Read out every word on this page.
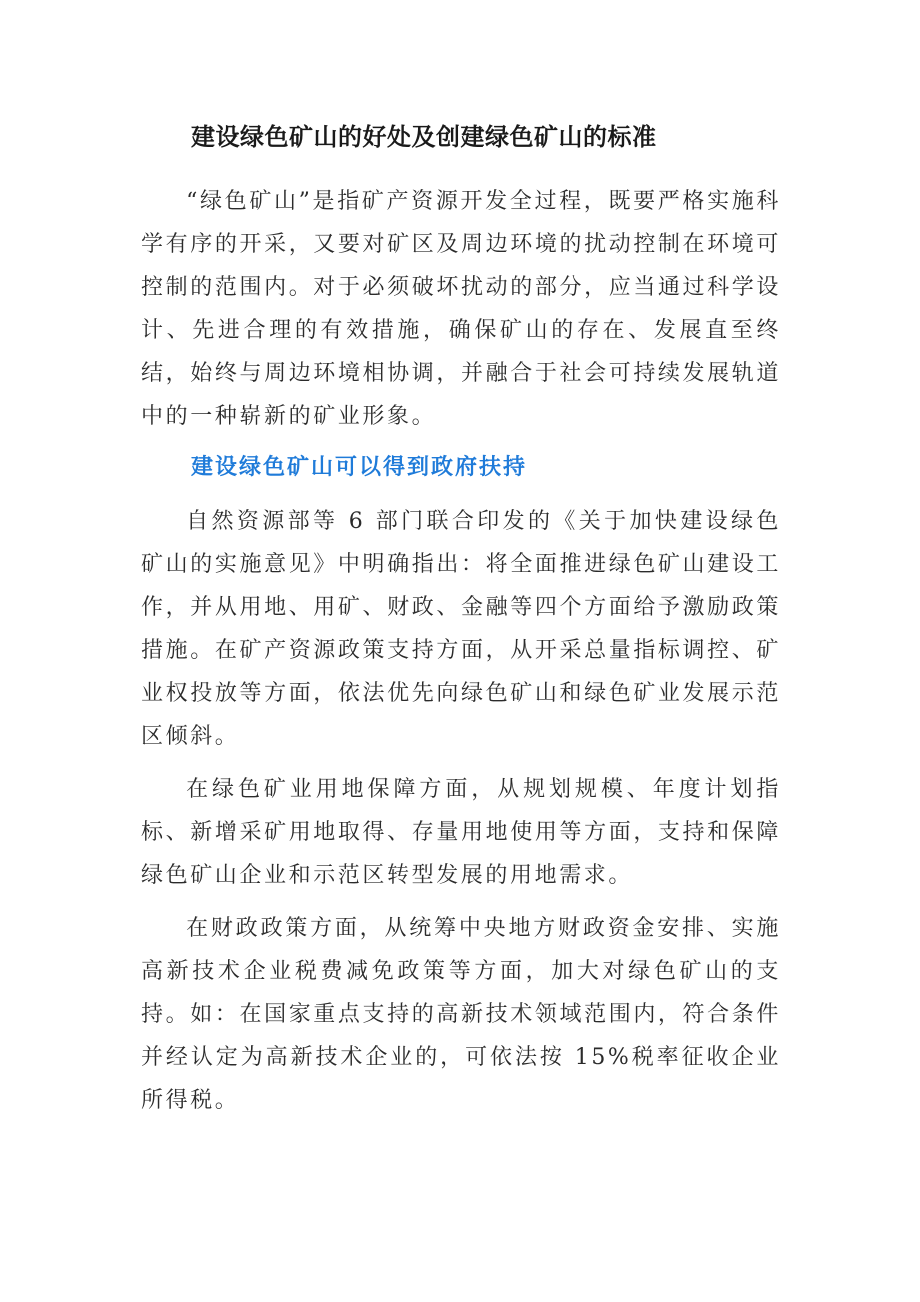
建设绿色矿山的好处及创建绿色矿山的标准

“绿色矿山”是指矿产资源开发全过程，既要严格实施科学有序的开采，又要对矿区及周边环境的扰动控制在环境可控制的范围内。对于必须破坏扰动的部分，应当通过科学设计、先进合理的有效措施，确保矿山的存在、发展直至终结，始终与周边环境相协调，并融合于社会可持续发展轨道中的一种崭新的矿业形象。

建设绿色矿山可以得到政府扶持

自然资源部等 6 部门联合印发的《关于加快建设绿色矿山的实施意见》中明确指出：将全面推进绿色矿山建设工作，并从用地、用矿、财政、金融等四个方面给予激励政策措施。在矿产资源政策支持方面，从开采总量指标调控、矿业权投放等方面，依法优先向绿色矿山和绿色矿业发展示范区倾斜。

在绿色矿业用地保障方面，从规划规模、年度计划指标、新增采矿用地取得、存量用地使用等方面，支持和保障绿色矿山企业和示范区转型发展的用地需求。

在财政政策方面，从统筹中央地方财政资金安排、实施高新技术企业税费减免政策等方面，加大对绿色矿山的支持。如：在国家重点支持的高新技术领域范围内，符合条件并经认定为高新技术企业的，可依法按 15%税率征收企业所得税。
